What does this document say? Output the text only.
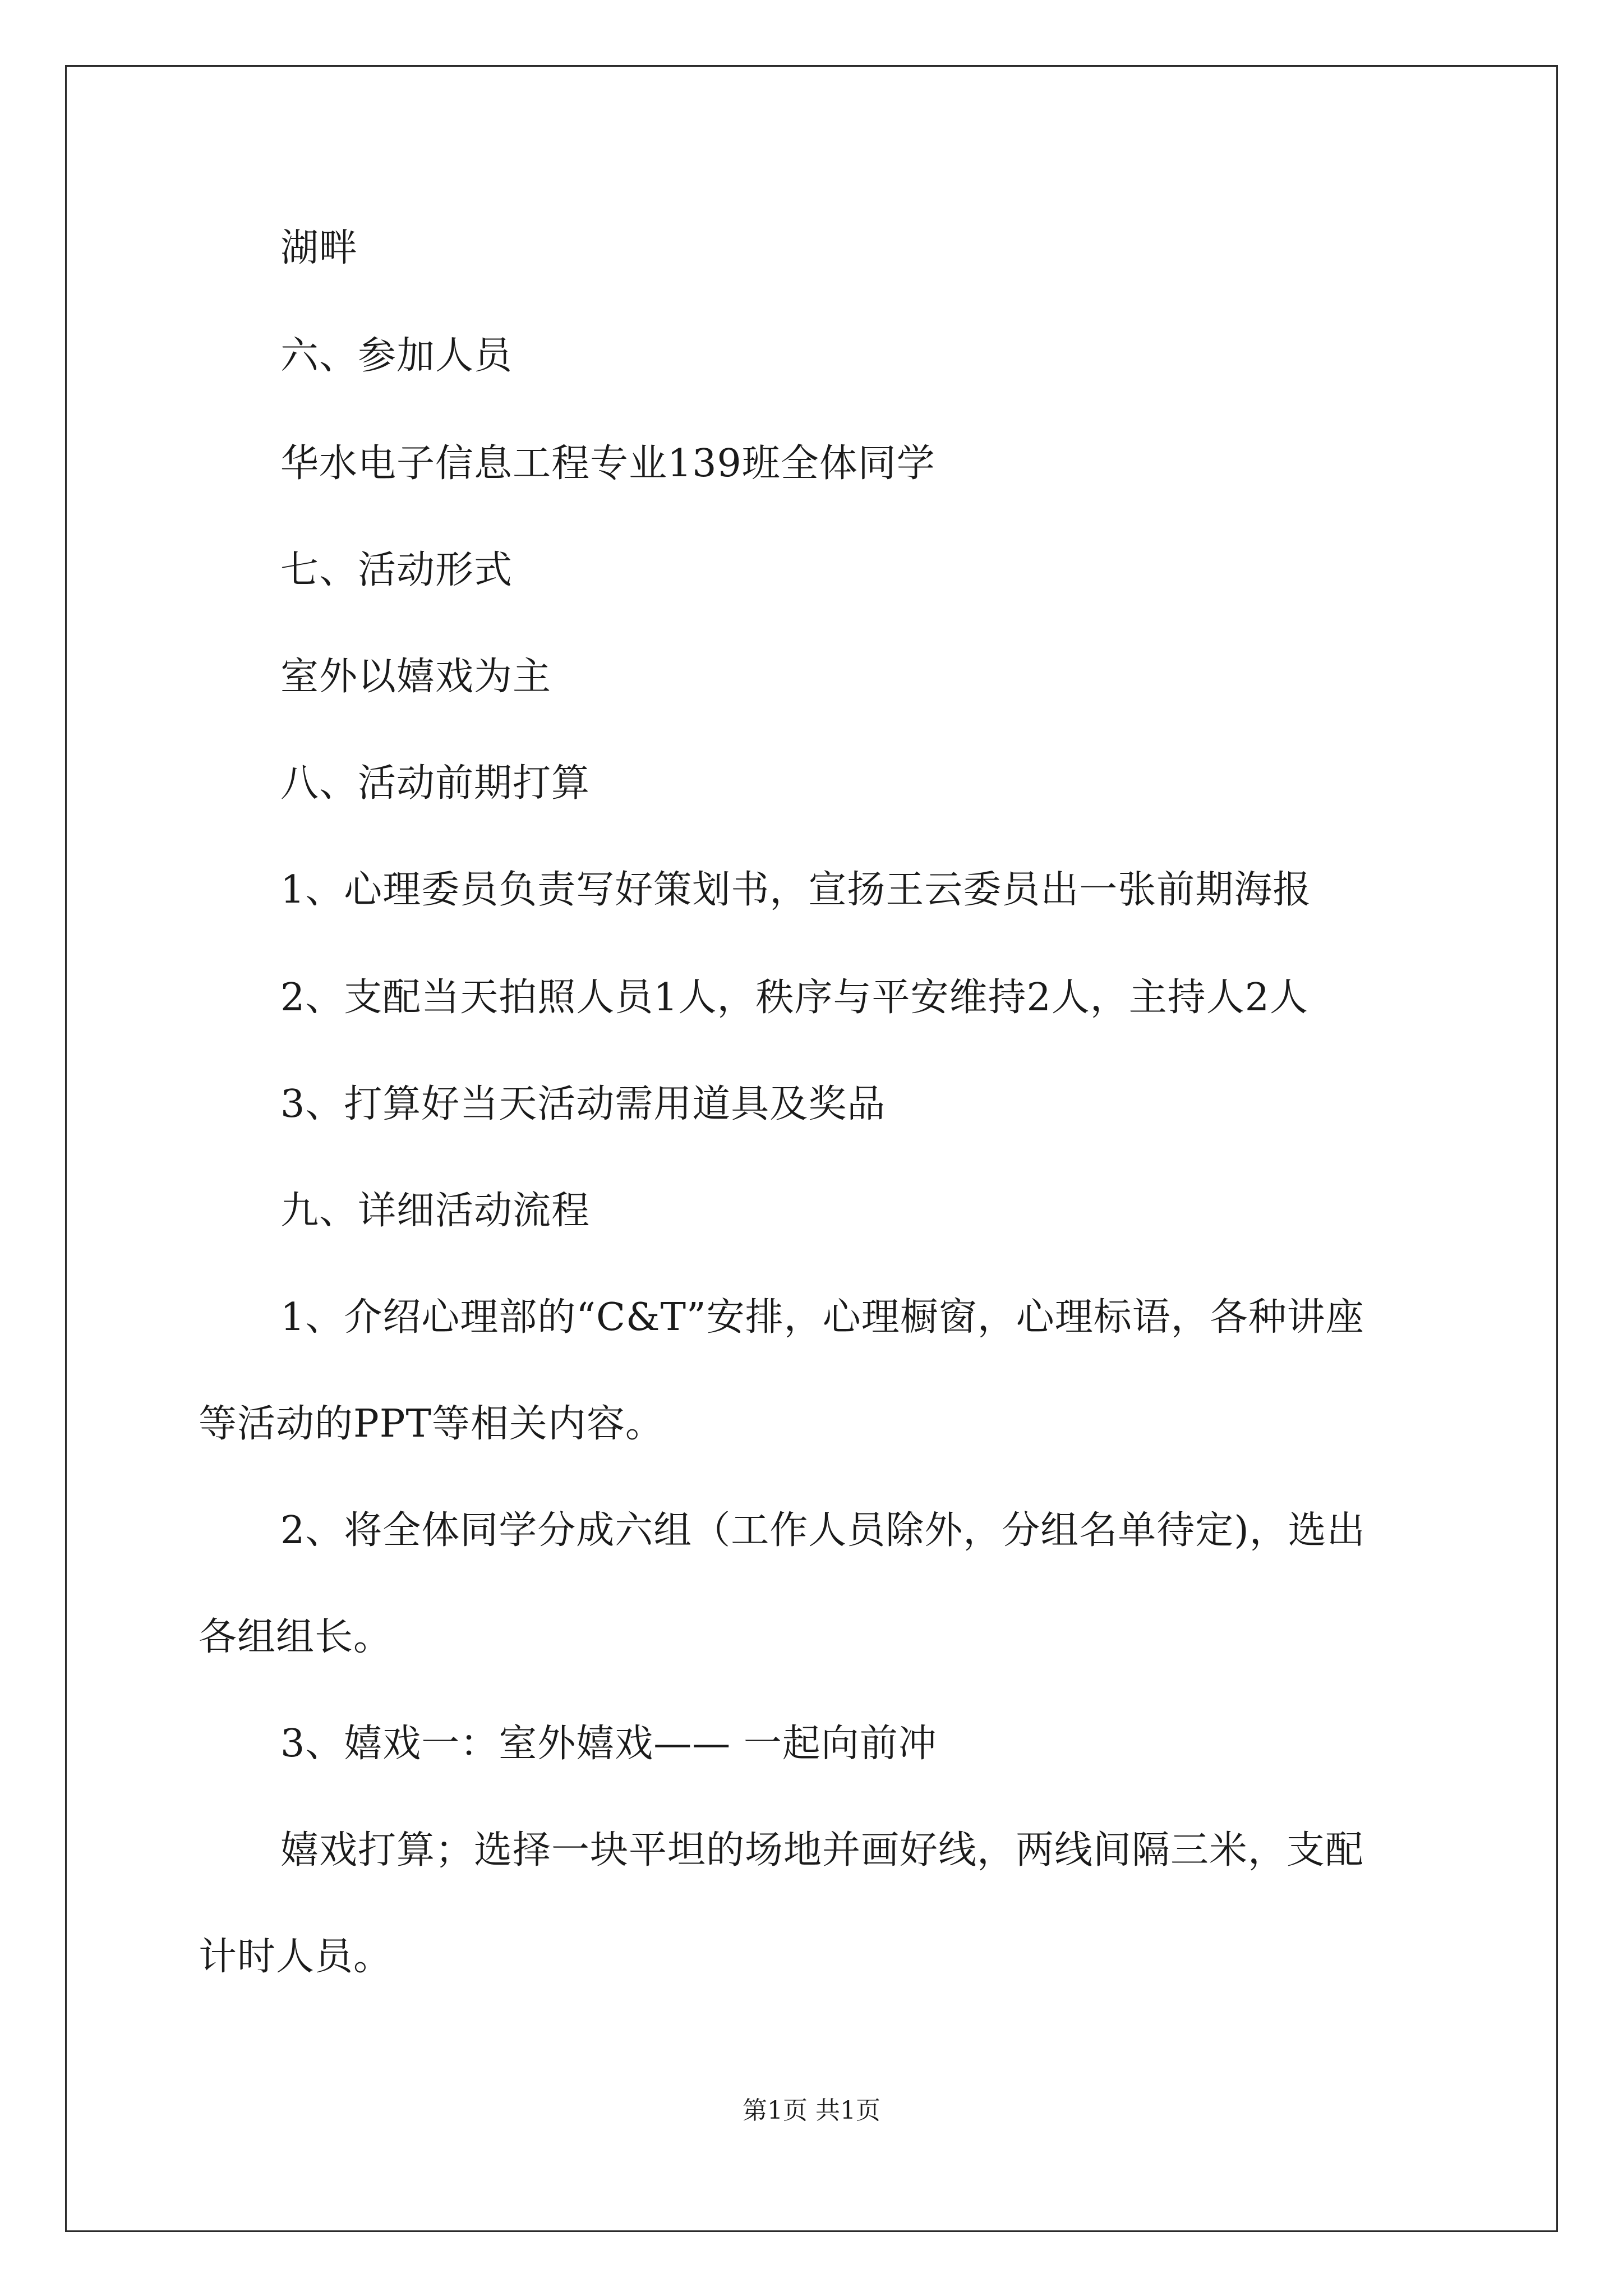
湖畔
六、参加人员
华水电子信息工程专业139班全体同学
七、活动形式
室外以嬉戏为主
八、活动前期打算
1、心理委员负责写好策划书，宣扬王云委员出一张前期海报
2、支配当天拍照人员1人，秩序与平安维持2人，主持人2人
3、打算好当天活动需用道具及奖品
九、详细活动流程
1、介绍心理部的“C&T”安排，心理橱窗，心理标语，各种讲座
等活动的PPT等相关内容。
2、将全体同学分成六组（工作人员除外，分组名单待定)，选出
各组组长。
3、嬉戏一：室外嬉戏—— 一起向前冲
嬉戏打算；选择一块平坦的场地并画好线，两线间隔三米，支配
计时人员。
第1页 共1页
